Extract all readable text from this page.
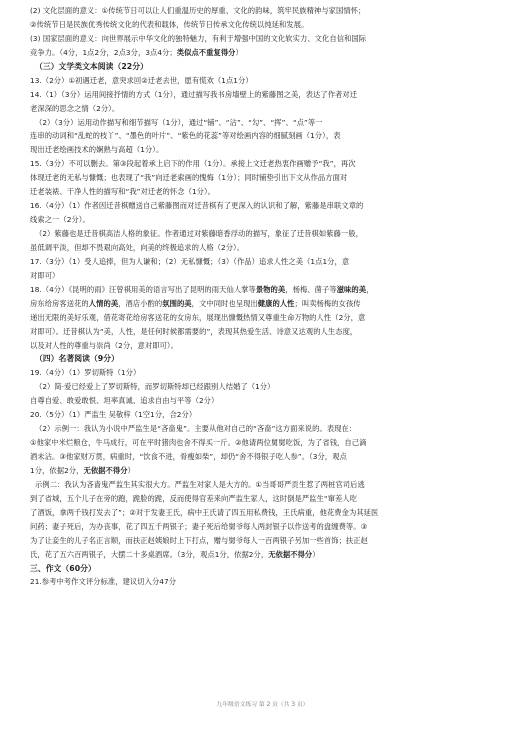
(2) 文化层面的意义：①传统节日可以让人们重温历史的厚重、文化的韵味，筑牢民族精神与家国情怀；
②传统节日是民族优秀传统文化的代表和载体，传统节日传承文化传统以纯延和发展。
(3) 国家层面的意义：向世界展示中华文化的独特魅力，有利于增强中国的文化软实力、文化自信和国际
竞争力。（4分，1点2分，2点3分，3点4分；类似点不重复得分）
（三）文学类文本阅读（22分）
13.（2分）①初遇迁老，意突求回②迁老去世，愿有慌欢（1点1分）
14.（1）（3分）运用间接抒情的方式（1分），通过描写我书房墙壁上的紫藤图之美，表达了作者对迁
老深深的思念之情（2分）。
（2）（3分）运用动作描写和细节描写（1分），通过“铺”、“沾”、“勾”、“挥”、“点”等一
连串的动词和“乱蛇的枝丫”、“墨色的叶片”、“紫色的花蕊”等对绘画内容的细腻刻画（1分），表
现出迁老绘画技术的娴熟与高超（1分）。
15.（3分）不可以删去。第③段起着承上启下的作用（1分）。承接上文迁老热衷作画赠予“我”，再次
体现迁老的无私与慷慨；也表现了“我”向迁老索画的愧悔（1分）；同时铺垫引出下文从作品方面对
迁老装裱、干净人性的描写和“我”对迁老的怀念（1分）。
16.（4分）（1）作者因迁昔棋赠送自己紫藤图而对迁昔棋有了更深入的认识和了解，紫藤是串联文章的
线索之一（2分）。
（2）紫藤也是迁昔棋高洁人格的象征。作者通过对紫藤暗香浮动的描写，象征了迁昔棋如紫藤一般，
虽低调平淡，但却不畏艰向高处，向美的终极追求的人格（2分）。
17.（3分）（1）受人追捧，但为人谦和；（2）无私慷慨；（3）（作品）追求人性之美（1点1分，意
对即可）
18.（4分）《昆明的雨》汪曾祺用美的语言写出了昆明的雨天仙人掌等景物的美，杨梅、菌子等滋味的美，
房东给房客送花的人情的美，酒店小酌的氛围的美，文中同时也呈现出健康的人性；叫卖杨梅的女孩传
递出无限的美好乐观，借花寄花给房客送花的女房东，展现出慷慨热情又尊重生命万物的人性（2分，意
对即可）。迁昔棋认为“美，人性，是任何时候都需要的”，表现其热爱生活、诗意又达观的人生态度，
以及对人性的尊重与崇尚（2分，意对即可）。
（四）名著阅读（9分）
19.（4分）（1）罗切斯特（1分）
（2）简·爱已经爱上了罗切斯特，而罗切斯特却已经跟别人结婚了（1分）
自尊自爱、敢爱敢恨、坦率真诚、追求自由与平等（2分）
20.（5分）（1）严监生 吴敬梓（1空1分，合2分）
（2）示例一：我认为小说中严监生是“吝啬鬼”。主要从他对自己的“吝啬”这方面来说的。表现在：
①他家中米烂粮仓，牛马成行，可在平时猪肉也舍不得买一斤。②他请两位舅舅吃饭，为了省钱，自己滴
酒未沾。③他家财万贯，病重时，“饮食不进，骨瘦如柴”，却仍“舍不得银子吃人参”。（3分，观点
1分，依据2分，无依据不得分）
示例二：我认为吝啬鬼严监生其实很大方。严监生对家人是大方的。①当哥哥严贡生惹了两桩官司后逃
到了省城，五个儿子在旁的跑，跪脸的跪，反而使得官差来向严监生家人，这时倒是严监生“窜差人吃
了酒饭，拿两千钱打发去了”；②对于发妻王氏，病中王氏请了四五用私费钱，王氏病重，他花费金为其延医
问药；妻子死后，为办丧事，花了四五千两银子；妻子死后给舅爷每人两封银子以作送考的盘缠费等。③
为了让妾生的儿子名正言顺，而扶正赵姨娘时上下打点，赠与舅爷每人一百两银子另加一些首饰；扶正赵
氏，花了五六百两银子，大摆二十多桌酒席。（3分，观点1分，依据2分，无依据不得分）
三、作文（60分）
21.参考中考作文评分标准，建议切入分47分
九年级语文练习 第 2 页（共 3 页）
